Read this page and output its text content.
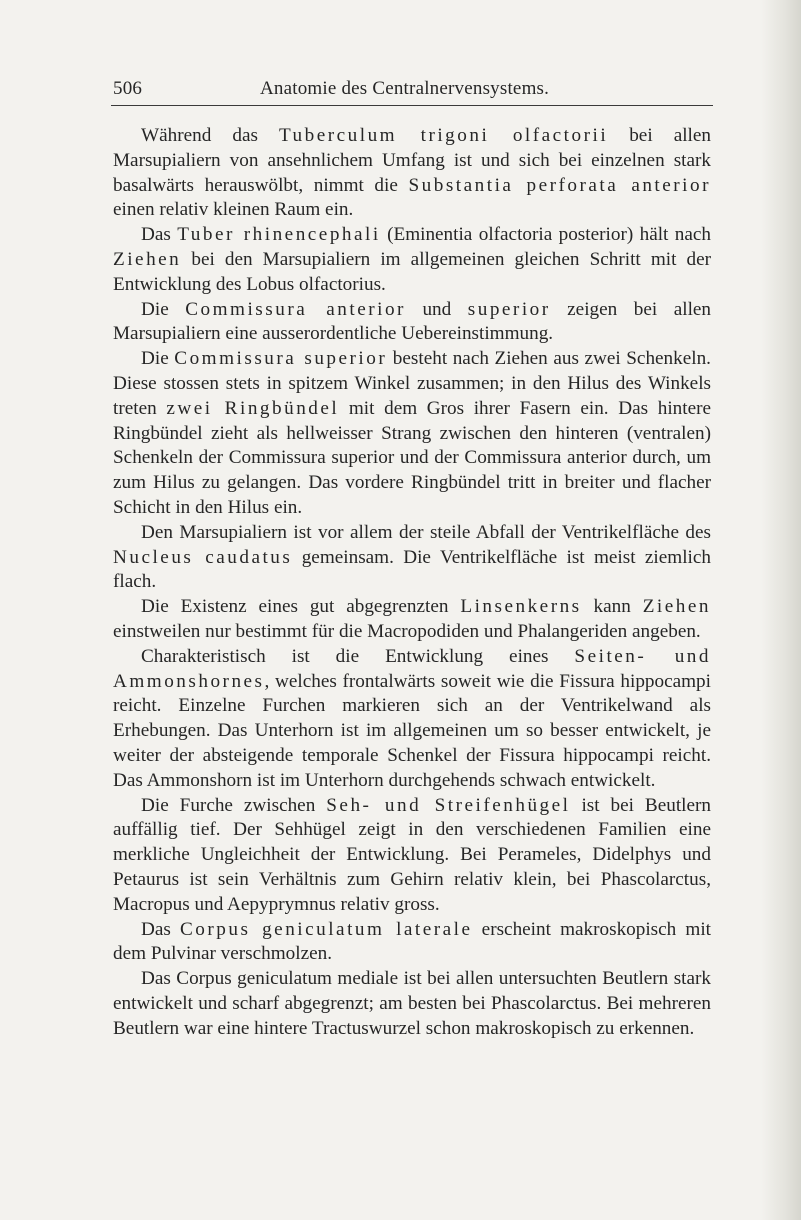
506	Anatomie des Centralnervensystems.

Während das Tuberculum trigoni olfactorii bei allen Marsupialiern von ansehnlichem Umfang ist und sich bei einzelnen stark basalwärts herauswölbt, nimmt die Substantia perforata anterior einen relativ kleinen Raum ein.

Das Tuber rhinencephali (Eminentia olfactoria posterior) hält nach Ziehen bei den Marsupialiern im allgemeinen gleichen Schritt mit der Entwicklung des Lobus olfactorius.

Die Commissura anterior und superior zeigen bei allen Marsupialiern eine ausserordentliche Uebereinstimmung.

Die Commissura superior besteht nach Ziehen aus zwei Schenkeln. Diese stossen stets in spitzem Winkel zusammen; in den Hilus des Winkels treten zwei Ringbündel mit dem Gros ihrer Fasern ein. Das hintere Ringbündel zieht als hellweisser Strang zwischen den hinteren (ventralen) Schenkeln der Commissura superior und der Commissura anterior durch, um zum Hilus zu gelangen. Das vordere Ringbündel tritt in breiter und flacher Schicht in den Hilus ein.

Den Marsupialiern ist vor allem der steile Abfall der Ventrikelfläche des Nucleus caudatus gemeinsam. Die Ventrikelfläche ist meist ziemlich flach.

Die Existenz eines gut abgegrenzten Linsenkerns kann Ziehen einstweilen nur bestimmt für die Macropodiden und Phalangeriden angeben.

Charakteristisch ist die Entwicklung eines Seiten- und Ammonshornes, welches frontalwärts soweit wie die Fissura hippocampi reicht. Einzelne Furchen markieren sich an der Ventrikelwand als Erhebungen. Das Unterhorn ist im allgemeinen um so besser entwickelt, je weiter der absteigende temporale Schenkel der Fissura hippocampi reicht. Das Ammonshorn ist im Unterhorn durchgehends schwach entwickelt.

Die Furche zwischen Seh- und Streifenhügel ist bei Beutlern auffällig tief. Der Sehhügel zeigt in den verschiedenen Familien eine merkliche Ungleichheit der Entwicklung. Bei Perameles, Didelphys und Petaurus ist sein Verhältnis zum Gehirn relativ klein, bei Phascolarctus, Macropus und Aepyprymnus relativ gross.

Das Corpus geniculatum laterale erscheint makroskopisch mit dem Pulvinar verschmolzen.

Das Corpus geniculatum mediale ist bei allen untersuchten Beutlern stark entwickelt und scharf abgegrenzt; am besten bei Phascolarctus. Bei mehreren Beutlern war eine hintere Tractuswurzel schon makroskopisch zu erkennen.
